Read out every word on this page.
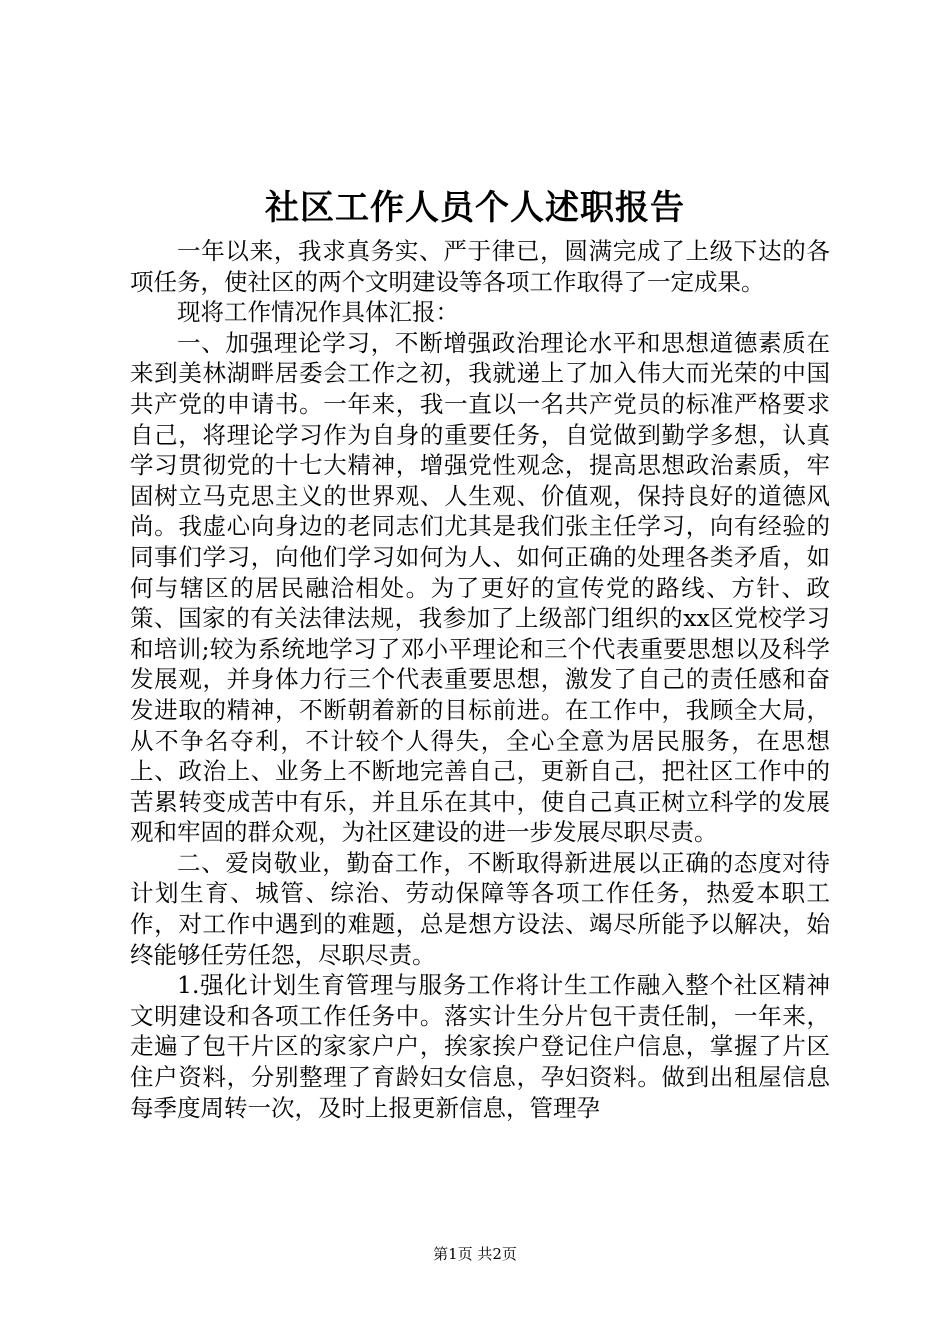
社区工作人员个人述职报告

一年以来，我求真务实、严于律已，圆满完成了上级下达的各项任务，使社区的两个文明建设等各项工作取得了一定成果。

现将工作情况作具体汇报：

一、加强理论学习，不断增强政治理论水平和思想道德素质在来到美林湖畔居委会工作之初，我就递上了加入伟大而光荣的中国共产党的申请书。一年来，我一直以一名共产党员的标准严格要求自己，将理论学习作为自身的重要任务，自觉做到勤学多想，认真学习贯彻党的十七大精神，增强党性观念，提高思想政治素质，牢固树立马克思主义的世界观、人生观、价值观，保持良好的道德风尚。我虚心向身边的老同志们尤其是我们张主任学习，向有经验的同事们学习，向他们学习如何为人、如何正确的处理各类矛盾，如何与辖区的居民融洽相处。为了更好的宣传党的路线、方针、政策、国家的有关法律法规，我参加了上级部门组织的xx区党校学习和培训;较为系统地学习了邓小平理论和三个代表重要思想以及科学发展观，并身体力行三个代表重要思想，激发了自己的责任感和奋发进取的精神，不断朝着新的目标前进。在工作中，我顾全大局，从不争名夺利，不计较个人得失，全心全意为居民服务，在思想上、政治上、业务上不断地完善自己，更新自己，把社区工作中的苦累转变成苦中有乐，并且乐在其中，使自己真正树立科学的发展观和牢固的群众观，为社区建设的进一步发展尽职尽责。

二、爱岗敬业，勤奋工作，不断取得新进展以正确的态度对待计划生育、城管、综治、劳动保障等各项工作任务，热爱本职工作，对工作中遇到的难题，总是想方设法、竭尽所能予以解决，始终能够任劳任怨，尽职尽责。

1.强化计划生育管理与服务工作将计生工作融入整个社区精神文明建设和各项工作任务中。落实计生分片包干责任制，一年来，走遍了包干片区的家家户户，挨家挨户登记住户信息，掌握了片区住户资料，分别整理了育龄妇女信息，孕妇资料。做到出租屋信息每季度周转一次，及时上报更新信息，管理孕

第1页 共2页
